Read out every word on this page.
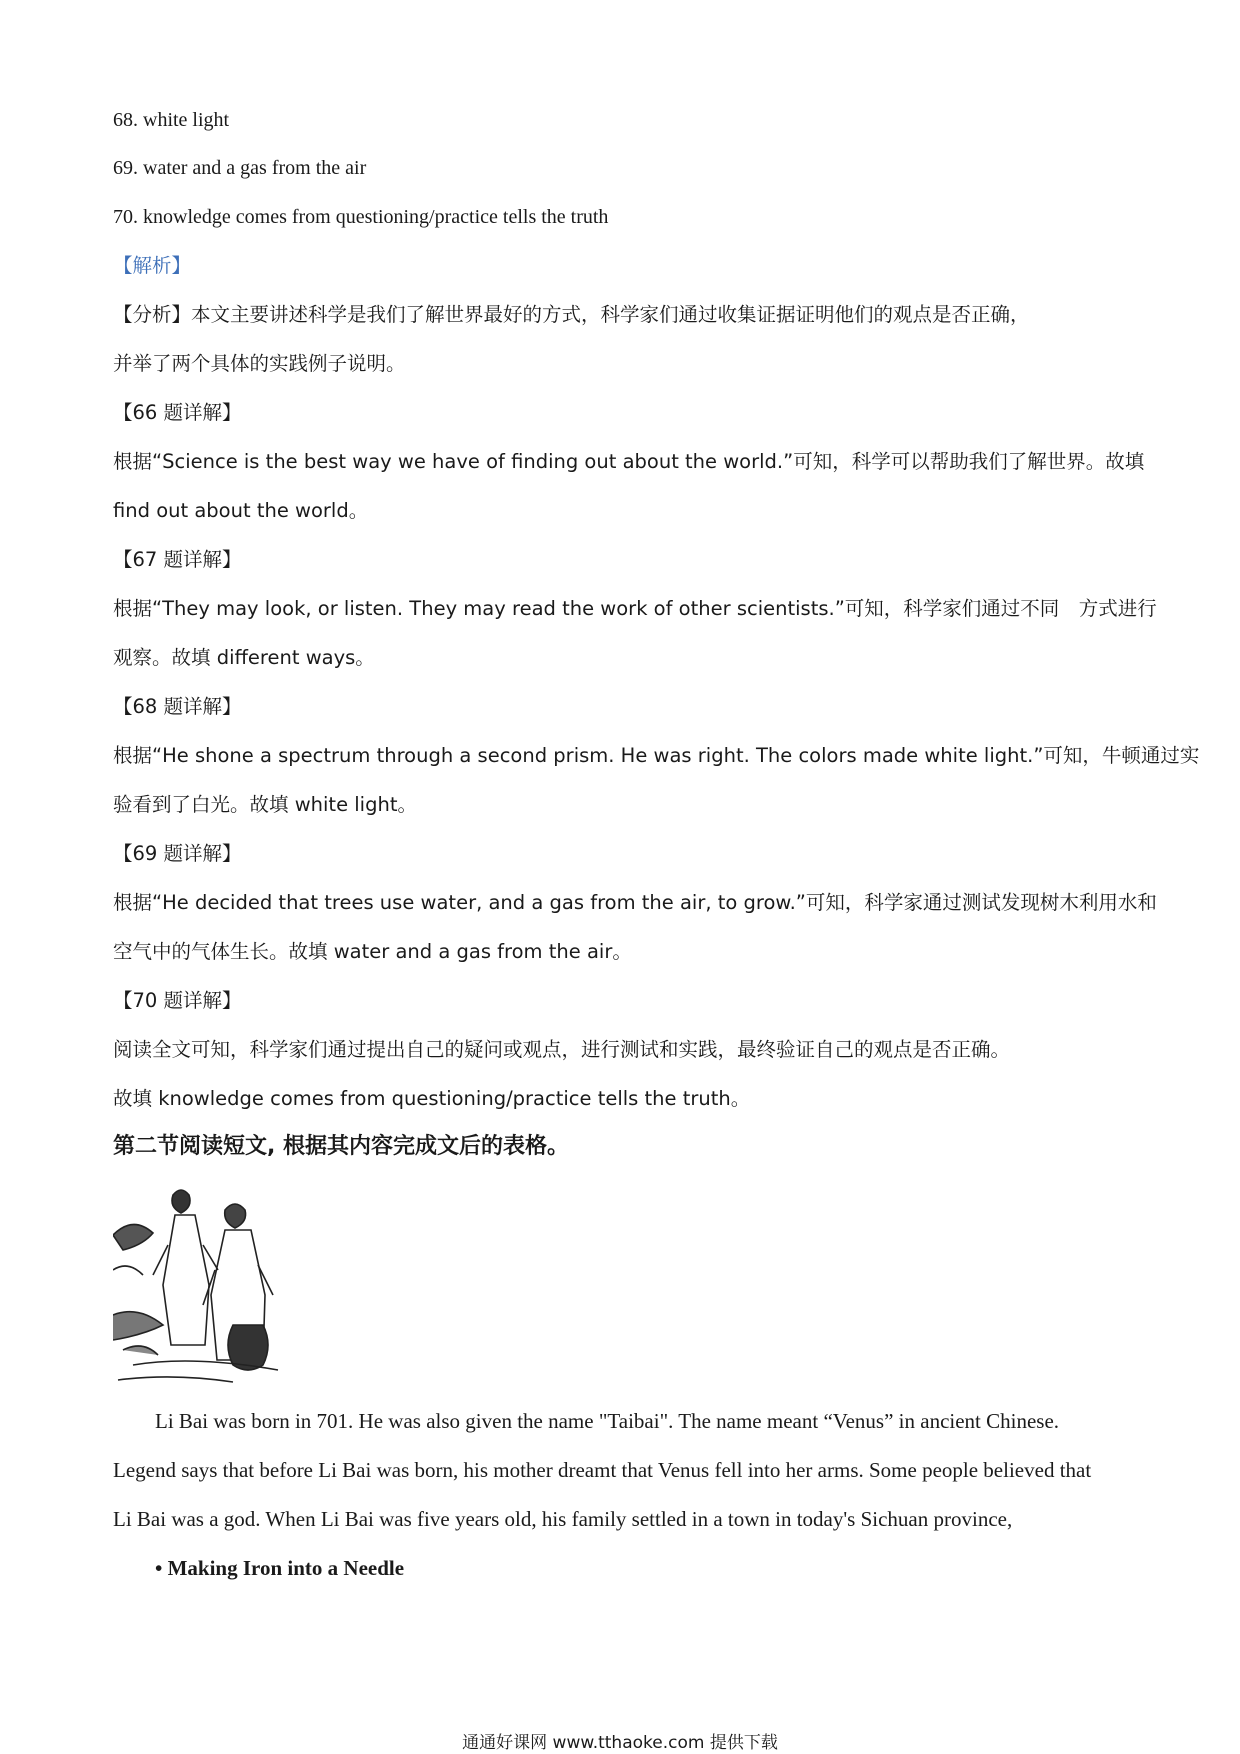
68. white light
69. water and a gas from the air
70. knowledge comes from questioning/practice tells the truth
【解析】
【分析】本文主要讲述科学是我们了解世界最好的方式，科学家们通过收集证据证明他们的观点是否正确，
并举了两个具体的实践例子说明。
【66 题详解】
根据“Science is the best way we have of finding out about the world.”可知，科学可以帮助我们了解世界。故填
find out about the world。
【67 题详解】
根据“They may look, or listen. They may read the work of other scientists.”可知，科学家们通过不同　方式进行
观察。故填 different ways。
【68 题详解】
根据“He shone a spectrum through a second prism. He was right. The colors made white light.”可知，牛顿通过实
验看到了白光。故填 white light。
【69 题详解】
根据“He decided that trees use water, and a gas from the air, to grow.”可知，科学家通过测试发现树木利用水和
空气中的气体生长。故填 water and a gas from the air。
【70 题详解】
阅读全文可知，科学家们通过提出自己的疑问或观点，进行测试和实践，最终验证自己的观点是否正确。
故填 knowledge comes from questioning/practice tells the truth。
第二节阅读短文, 根据其内容完成文后的表格。
Li Bai was born in 701. He was also given the name "Taibai". The name meant “Venus” in ancient Chinese.
Legend says that before Li Bai was born, his mother dreamt that Venus fell into her arms. Some people believed that
Li Bai was a god. When Li Bai was five years old, his family settled in a town in today's Sichuan province,
• Making Iron into a Needle
通通好课网 www.tthaoke.com 提供下载
